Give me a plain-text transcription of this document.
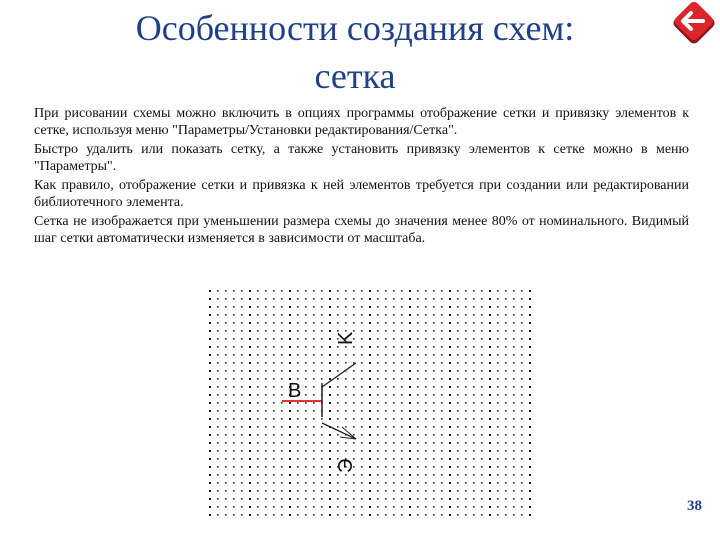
Особенности создания схем:
сетка

При рисовании схемы можно включить в опциях программы отображение сетки и привязку элементов к сетке, используя меню "Параметры/Установки редактирования/Сетка".

Быстро удалить или показать сетку, а также установить привязку элементов к сетке можно в меню "Параметры".

Как правило, отображение сетки и привязка к ней элементов требуется при создании или редактировании библиотечного элемента.

Сетка не изображается при уменьшении размера схемы до значения менее 80% от номинального. Видимый шаг сетки автоматически изменяется в зависимости от масштаба.

B
K
Э
38
